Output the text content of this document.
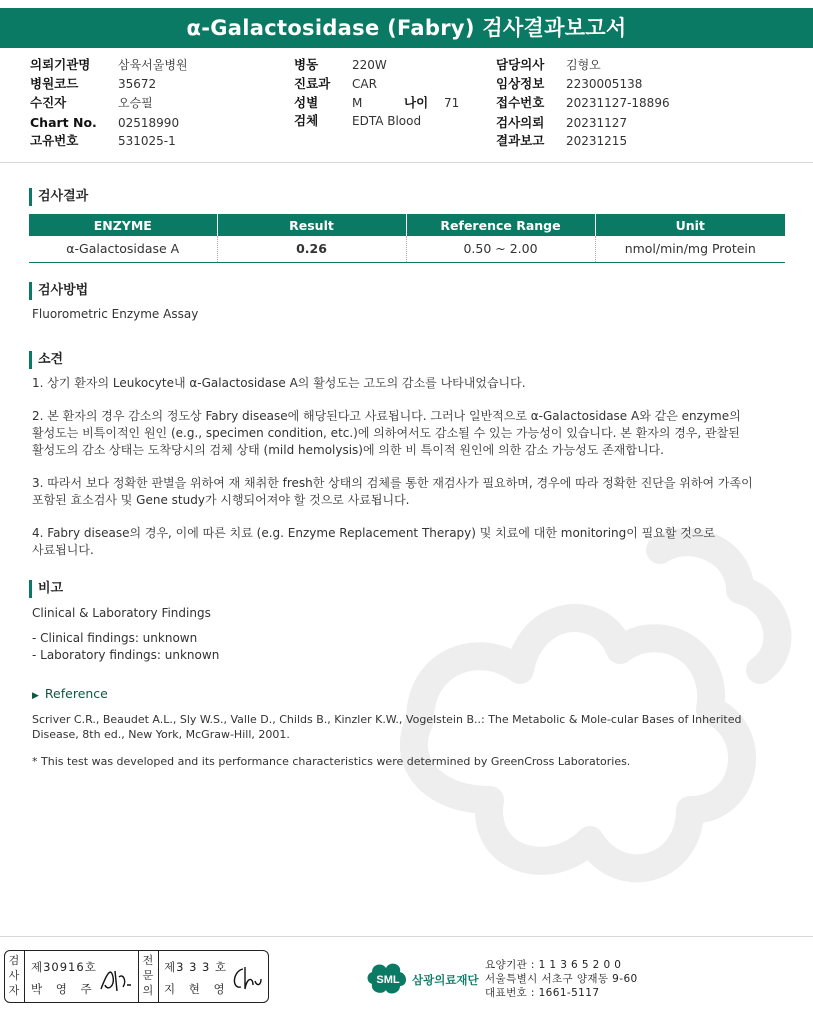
α-Galactosidase (Fabry) 검사결과보고서
의뢰기관명 삼육서울병원	병동	220W	담당의사 김형오
병원코드	35672	진료과 CAR	임상정보 2230005138
수진자	오승필	성별	M	나이 71	접수번호 20231127-18896
Chart No. 02518990	검체	EDTA Blood	검사의뢰 20231127
고유번호	531025-1	결과보고 20231215
검사결과
ENZYME	Result	Reference Range	Unit
α-Galactosidase A	0.26	0.50 ~ 2.00	nmol/min/mg Protein
검사방법

Fluorometric Enzyme Assay

소견

1. 상기 환자의 Leukocyte내 α-Galactosidase A의 활성도는 고도의 감소를 나타내었습니다.

2. 본 환자의 경우 감소의 정도상 Fabry disease에 해당된다고 사료됩니다. 그러나 일반적으로 α-Galactosidase A와 같은 enzyme의

활성도는 비특이적인 원인 (e.g., specimen condition, etc.)에 의하여서도 감소될 수 있는 가능성이 있습니다. 본 환자의 경우, 관찰된

활성도의 감소 상태는 도착당시의 검체 상태 (mild hemolysis)에 의한 비 특이적 원인에 의한 감소 가능성도 존재합니다.

3. 따라서 보다 정확한 판별을 위하여 재 채취한 fresh한 상태의 검체를 통한 재검사가 필요하며, 경우에 따라 정확한 진단을 위하여 가족이

포함된 효소검사 및 Gene study가 시행되어져야 할 것으로 사료됩니다.

4. Fabry disease의 경우, 이에 따른 치료 (e.g. Enzyme Replacement Therapy) 및 치료에 대한 monitoring이 필요할 것으로

사료됩니다.

비고

Clinical & Laboratory Findings

- Clinical findings: unknown

- Laboratory findings: unknown

▶ Reference

Scriver C.R., Beaudet A.L., Sly W.S., Valle D., Childs B., Kinzler K.W., Vogelstein B..: The Metabolic & Mole-cular Bases of Inherited

Disease, 8th ed., New York, McGraw-Hill, 2001.

* This test was developed and its performance characteristics were determined by GreenCross Laboratories.

검
사
자
제30916호
박 영 주
전
문
의
제3 3 3 호
지 현 영
SML 삼광의료재단
요양기관 : 1 1 3 6 5 2 0 0
서울특별시 서초구 양재동 9-60
대표번호 : 1661-5117
